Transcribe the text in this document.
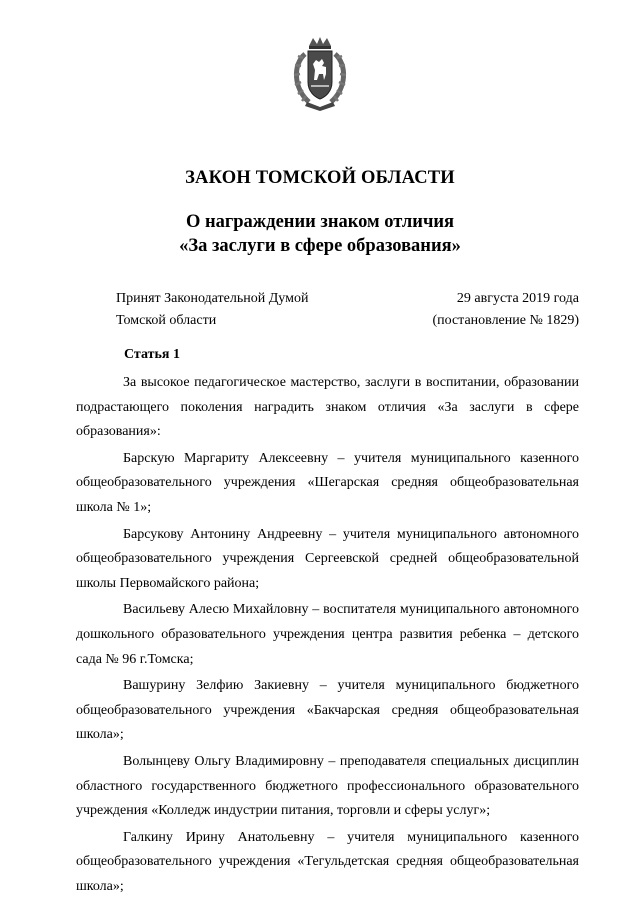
ЗАКОН ТОМСКОЙ ОБЛАСТИ
О награждении знаком отличия
«За заслуги в сфере образования»
Принят Законодательной Думой
Томской области
29 августа 2019 года
(постановление № 1829)
Статья 1

За высокое педагогическое мастерство, заслуги в воспитании, образовании подрастающего поколения наградить знаком отличия «За заслуги в сфере образования»:

Барскую Маргариту Алексеевну – учителя муниципального казенного общеобразовательного учреждения «Шегарская средняя общеобразовательная школа № 1»;

Барсукову Антонину Андреевну – учителя муниципального автономного общеобразовательного учреждения Сергеевской средней общеобразовательной школы Первомайского района;

Васильеву Алесю Михайловну – воспитателя муниципального автономного дошкольного образовательного учреждения центра развития ребенка – детского сада № 96 г.Томска;

Вашурину Зелфию Закиевну – учителя муниципального бюджетного общеобразовательного учреждения «Бакчарская средняя общеобразовательная школа»;

Волынцеву Ольгу Владимировну – преподавателя специальных дисциплин областного государственного бюджетного профессионального образовательного учреждения «Колледж индустрии питания, торговли и сферы услуг»;

Галкину Ирину Анатольевну – учителя муниципального казенного общеобразовательного учреждения «Тегульдетская средняя общеобразовательная школа»;
